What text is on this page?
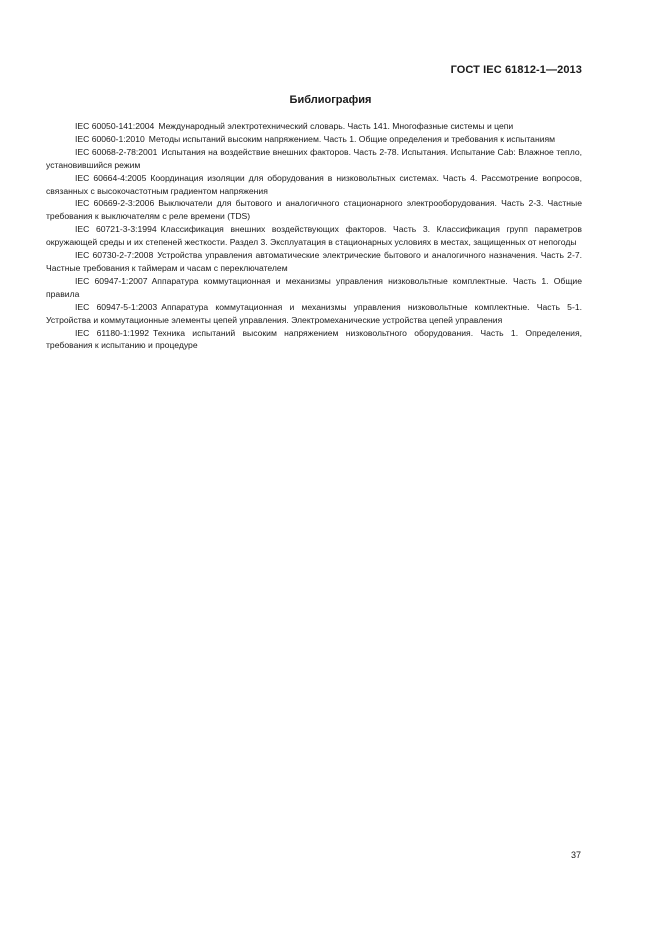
ГОСТ IEC 61812-1—2013
Библиография
IEC 60050-141:2004 Международный электротехнический словарь. Часть 141. Многофазные системы и цепи
IEC 60060-1:2010 Методы испытаний высоким напряжением. Часть 1. Общие определения и требования к испытаниям
IEC 60068-2-78:2001 Испытания на воздействие внешних факторов. Часть 2-78. Испытания. Испытание Cab: Влажное тепло, установившийся режим
IEC 60664-4:2005 Координация изоляции для оборудования в низковольтных системах. Часть 4. Рассмотрение вопросов, связанных с высокочастотным градиентом напряжения
IEC 60669-2-3:2006 Выключатели для бытового и аналогичного стационарного электрооборудования. Часть 2-3. Частные требования к выключателям с реле времени (TDS)
IEC 60721-3-3:1994 Классификация внешних воздействующих факторов. Часть 3. Классификация групп параметров окружающей среды и их степеней жесткости. Раздел 3. Эксплуатация в стационарных условиях в местах, защищенных от непогоды
IEC 60730-2-7:2008 Устройства управления автоматические электрические бытового и аналогичного назначения. Часть 2-7. Частные требования к таймерам и часам с переключателем
IEC 60947-1:2007 Аппаратура коммутационная и механизмы управления низковольтные комплектные. Часть 1. Общие правила
IEC 60947-5-1:2003 Аппаратура коммутационная и механизмы управления низковольтные комплектные. Часть 5-1. Устройства и коммутационные элементы цепей управления. Электромеханические устройства цепей управления
IEC 61180-1:1992 Техника испытаний высоким напряжением низковольтного оборудования. Часть 1. Определения, требования к испытанию и процедуре
37
